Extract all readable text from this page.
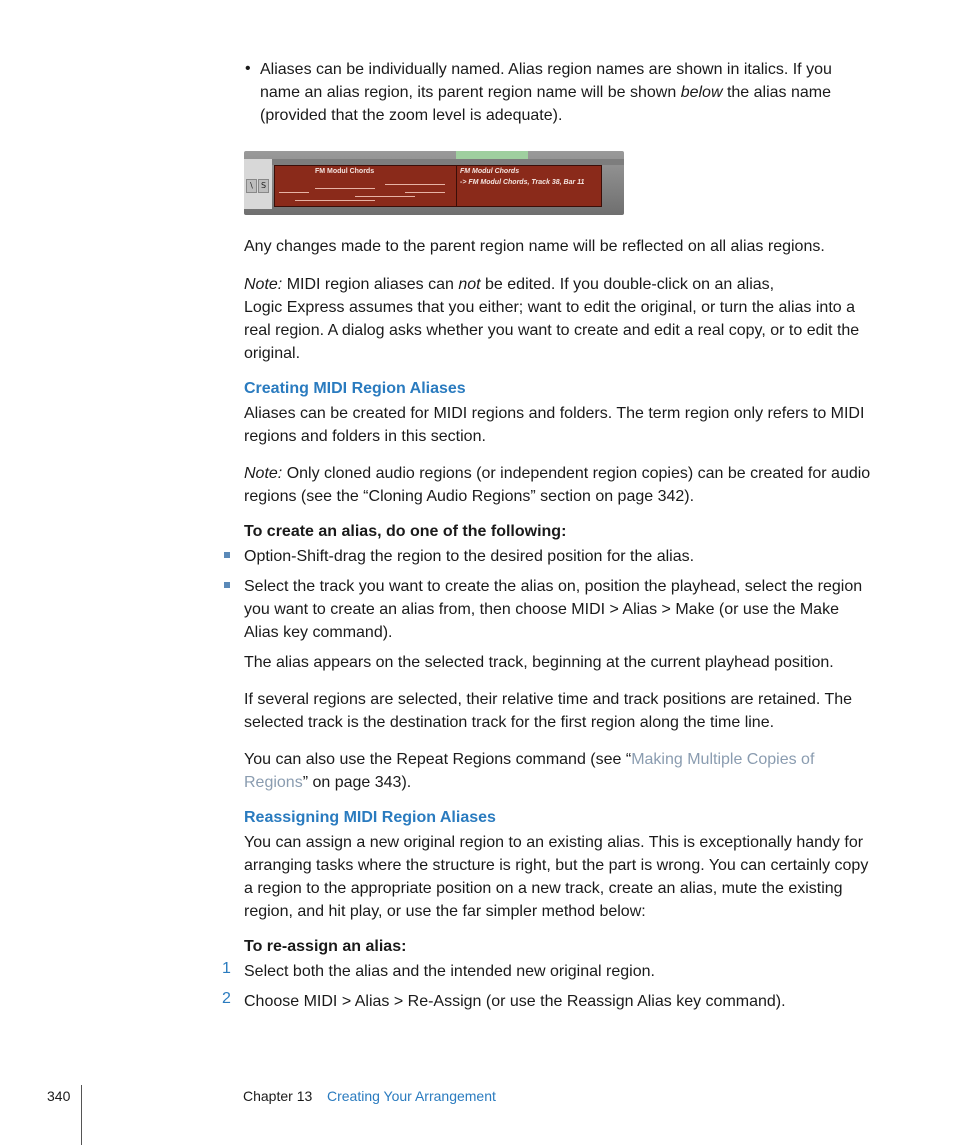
• Aliases can be individually named. Alias region names are shown in italics. If you name an alias region, its parent region name will be shown below the alias name (provided that the zoom level is adequate).

\	S
FM Modul Chords	FM Modul Chords
-> FM Modul Chords, Track 38, Bar 11

Any changes made to the parent region name will be reflected on all alias regions.

Note: MIDI region aliases can not be edited. If you double-click on an alias,
Logic Express assumes that you either; want to edit the original, or turn the alias into a real region. A dialog asks whether you want to create and edit a real copy, or to edit the original.

Creating MIDI Region Aliases

Aliases can be created for MIDI regions and folders. The term region only refers to MIDI regions and folders in this section.

Note: Only cloned audio regions (or independent region copies) can be created for audio regions (see the “Cloning Audio Regions” section on page 342).

To create an alias, do one of the following:

Option-Shift-drag the region to the desired position for the alias.

Select the track you want to create the alias on, position the playhead, select the region you want to create an alias from, then choose MIDI > Alias > Make (or use the Make Alias key command).

The alias appears on the selected track, beginning at the current playhead position.

If several regions are selected, their relative time and track positions are retained. The selected track is the destination track for the first region along the time line.

You can also use the Repeat Regions command (see “Making Multiple Copies of Regions” on page 343).

Reassigning MIDI Region Aliases

You can assign a new original region to an existing alias. This is exceptionally handy for arranging tasks where the structure is right, but the part is wrong. You can certainly copy a region to the appropriate position on a new track, create an alias, mute the existing region, and hit play, or use the far simpler method below:

To re-assign an alias:
1 Select both the alias and the intended new original region.

2 Choose MIDI > Alias > Re-Assign (or use the Reassign Alias key command).

340	Chapter 13 Creating Your Arrangement
